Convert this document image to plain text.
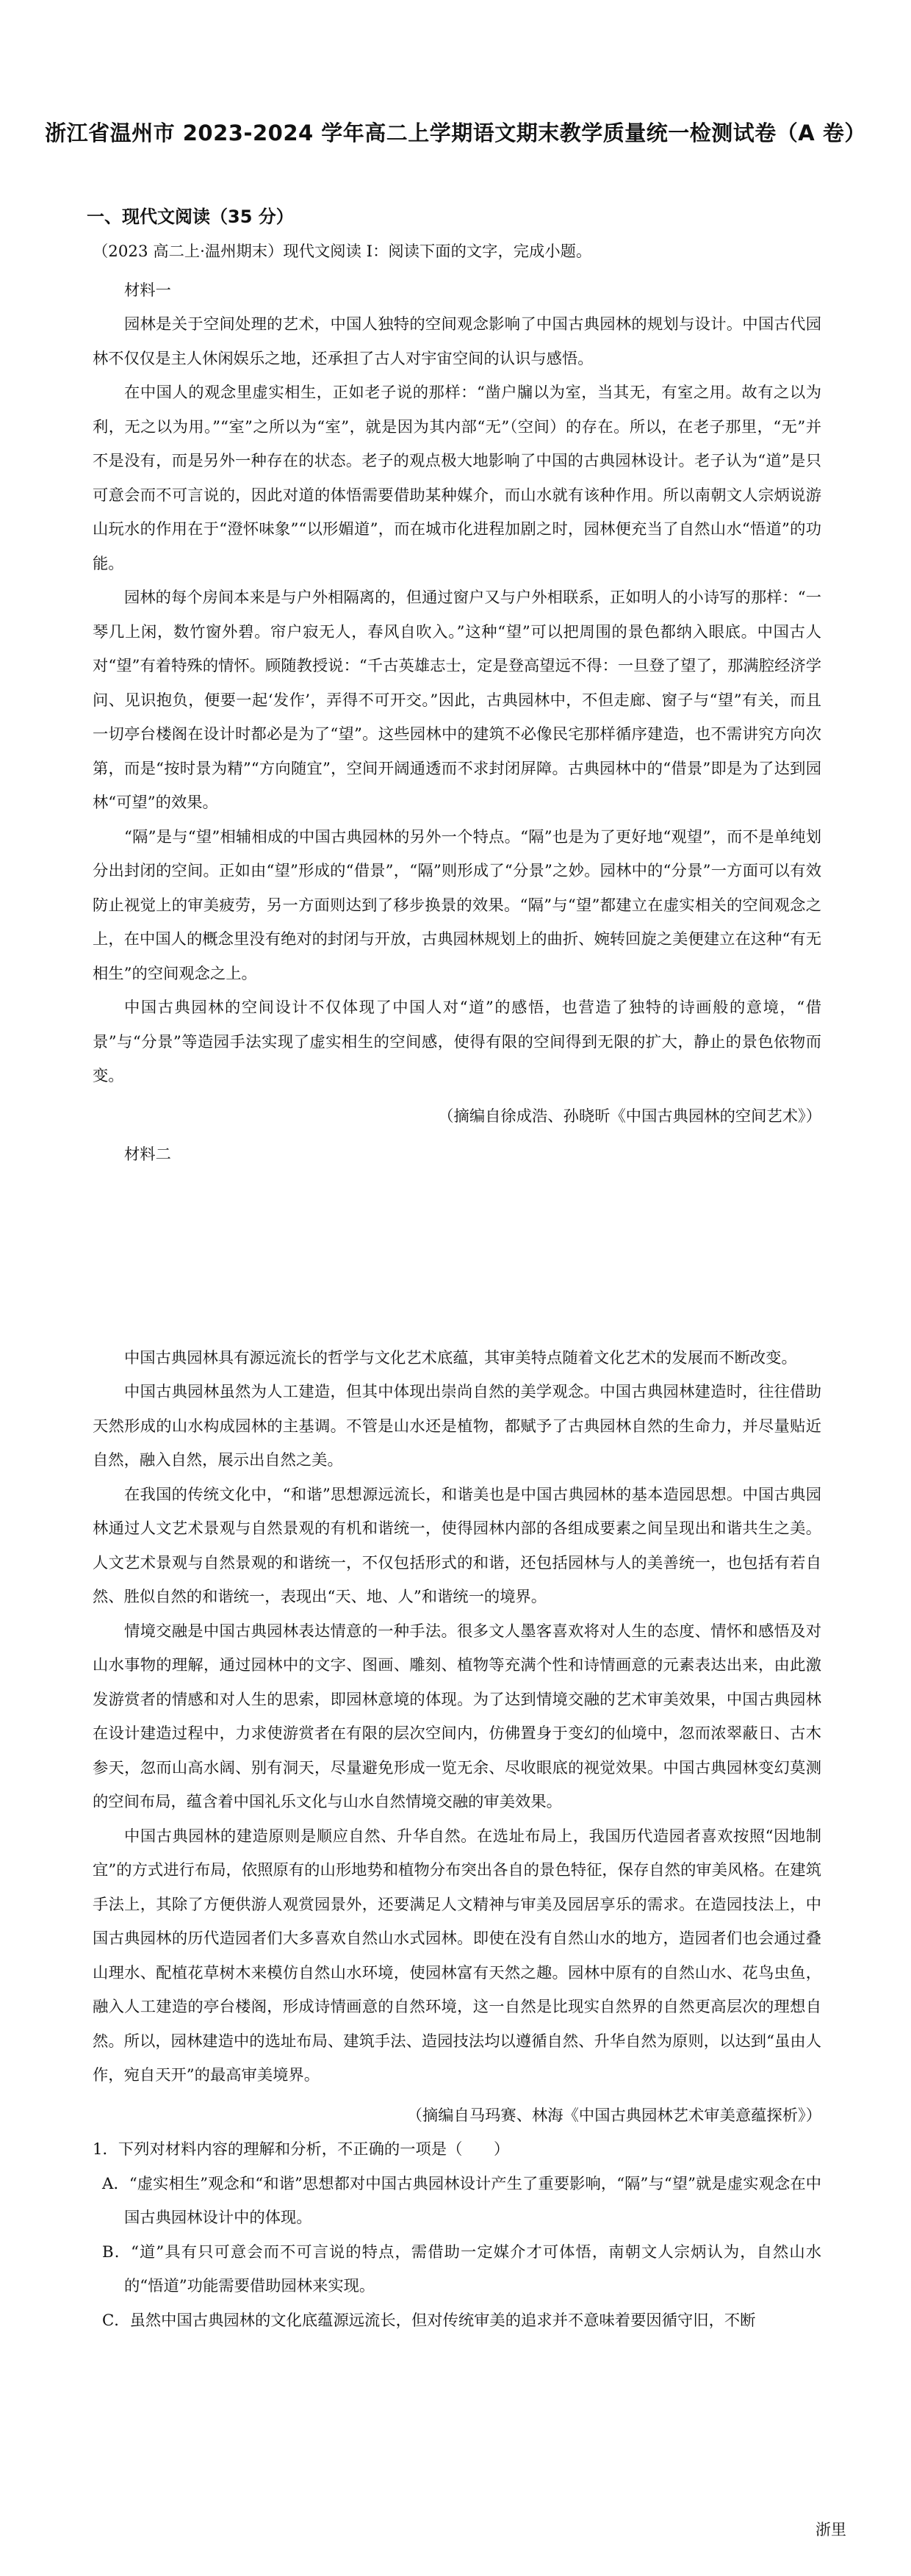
浙江省温州市 2023-2024 学年高二上学期语文期末教学质量统一检测试卷（A 卷）
一、现代文阅读（35 分）

（2023 高二上·温州期末）现代文阅读 I：阅读下面的文字，完成小题。

材料一

园林是关于空间处理的艺术，中国人独特的空间观念影响了中国古典园林的规划与设计。中国古代园林不仅仅是主人休闲娱乐之地，还承担了古人对宇宙空间的认识与感悟。

在中国人的观念里虚实相生，正如老子说的那样：“凿户牖以为室，当其无，有室之用。故有之以为利，无之以为用。”“室”之所以为“室”，就是因为其内部“无”（空间）的存在。所以，在老子那里，“无”并不是没有，而是另外一种存在的状态。老子的观点极大地影响了中国的古典园林设计。老子认为“道”是只可意会而不可言说的，因此对道的体悟需要借助某种媒介，而山水就有该种作用。所以南朝文人宗炳说游山玩水的作用在于“澄怀味象”“以形媚道”，而在城市化进程加剧之时，园林便充当了自然山水“悟道”的功能。

园林的每个房间本来是与户外相隔离的，但通过窗户又与户外相联系，正如明人的小诗写的那样：“一琴几上闲，数竹窗外碧。帘户寂无人，春风自吹入。”这种“望”可以把周围的景色都纳入眼底。中国古人对“望”有着特殊的情怀。顾随教授说：“千古英雄志士，定是登高望远不得：一旦登了望了，那满腔经济学问、见识抱负，便要一起‘发作’，弄得不可开交。”因此，古典园林中，不但走廊、窗子与“望”有关，而且一切亭台楼阁在设计时都必是为了“望”。这些园林中的建筑不必像民宅那样循序建造，也不需讲究方向次第，而是“按时景为精”“方向随宜”，空间开阔通透而不求封闭屏障。古典园林中的“借景”即是为了达到园林“可望”的效果。

“隔”是与“望”相辅相成的中国古典园林的另外一个特点。“隔”也是为了更好地“观望”，而不是单纯划分出封闭的空间。正如由“望”形成的“借景”，“隔”则形成了“分景”之妙。园林中的“分景”一方面可以有效防止视觉上的审美疲劳，另一方面则达到了移步换景的效果。“隔”与“望”都建立在虚实相关的空间观念之上，在中国人的概念里没有绝对的封闭与开放，古典园林规划上的曲折、婉转回旋之美便建立在这种“有无相生”的空间观念之上。

中国古典园林的空间设计不仅体现了中国人对“道”的感悟，也营造了独特的诗画般的意境，“借景”与“分景”等造园手法实现了虚实相生的空间感，使得有限的空间得到无限的扩大，静止的景色依物而变。

（摘编自徐成浩、孙晓昕《中国古典园林的空间艺术》）

材料二

中国古典园林具有源远流长的哲学与文化艺术底蕴，其审美特点随着文化艺术的发展而不断改变。

中国古典园林虽然为人工建造，但其中体现出崇尚自然的美学观念。中国古典园林建造时，往往借助天然形成的山水构成园林的主基调。不管是山水还是植物，都赋予了古典园林自然的生命力，并尽量贴近自然，融入自然，展示出自然之美。

在我国的传统文化中，“和谐”思想源远流长，和谐美也是中国古典园林的基本造园思想。中国古典园林通过人文艺术景观与自然景观的有机和谐统一，使得园林内部的各组成要素之间呈现出和谐共生之美。人文艺术景观与自然景观的和谐统一，不仅包括形式的和谐，还包括园林与人的美善统一，也包括有若自然、胜似自然的和谐统一，表现出“天、地、人”和谐统一的境界。

情境交融是中国古典园林表达情意的一种手法。很多文人墨客喜欢将对人生的态度、情怀和感悟及对山水事物的理解，通过园林中的文字、图画、雕刻、植物等充满个性和诗情画意的元素表达出来，由此激发游赏者的情感和对人生的思索，即园林意境的体现。为了达到情境交融的艺术审美效果，中国古典园林在设计建造过程中，力求使游赏者在有限的层次空间内，仿佛置身于变幻的仙境中，忽而浓翠蔽日、古木参天，忽而山高水阔、别有洞天，尽量避免形成一览无余、尽收眼底的视觉效果。中国古典园林变幻莫测的空间布局，蕴含着中国礼乐文化与山水自然情境交融的审美效果。

中国古典园林的建造原则是顺应自然、升华自然。在选址布局上，我国历代造园者喜欢按照“因地制宜”的方式进行布局，依照原有的山形地势和植物分布突出各自的景色特征，保存自然的审美风格。在建筑手法上，其除了方便供游人观赏园景外，还要满足人文精神与审美及园居享乐的需求。在造园技法上，中国古典园林的历代造园者们大多喜欢自然山水式园林。即使在没有自然山水的地方，造园者们也会通过叠山理水、配植花草树木来模仿自然山水环境，使园林富有天然之趣。园林中原有的自然山水、花鸟虫鱼，融入人工建造的亭台楼阁，形成诗情画意的自然环境，这一自然是比现实自然界的自然更高层次的理想自然。所以，园林建造中的选址布局、建筑手法、造园技法均以遵循自然、升华自然为原则，以达到“虽由人作，宛自天开”的最高审美境界。

（摘编自马玛赛、林海《中国古典园林艺术审美意蕴探析》）

1．下列对材料内容的理解和分析，不正确的一项是（　　）

A．“虚实相生”观念和“和谐”思想都对中国古典园林设计产生了重要影响，“隔”与“望”就是虚实观念在中国古典园林设计中的体现。

B．“道”具有只可意会而不可言说的特点，需借助一定媒介才可体悟，南朝文人宗炳认为，自然山水的“悟道”功能需要借助园林来实现。

C．虽然中国古典园林的文化底蕴源远流长，但对传统审美的追求并不意味着要因循守旧，不断

浙里
